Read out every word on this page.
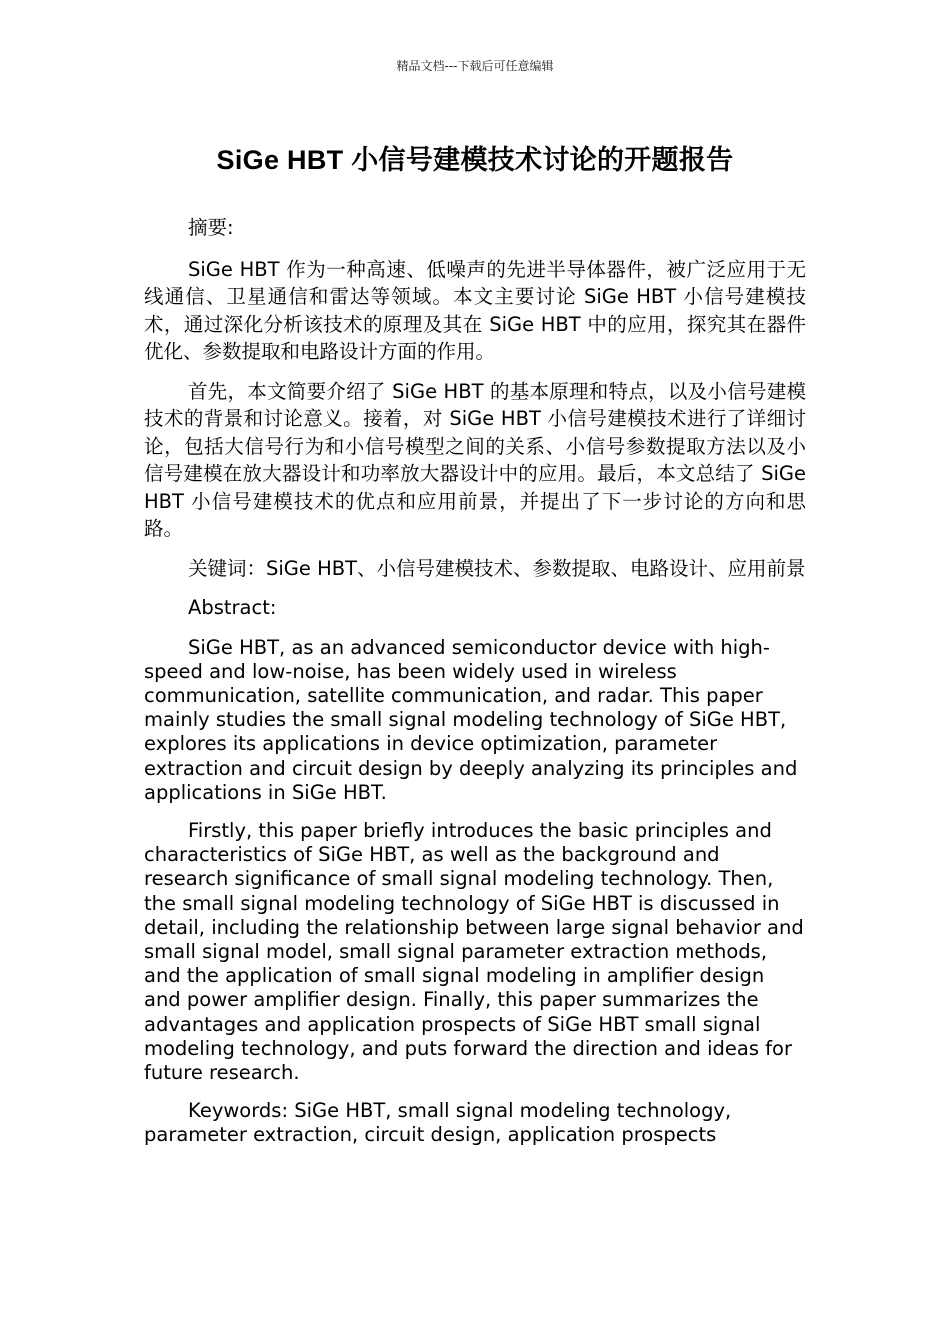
精品文档---下载后可任意编辑
SiGe HBT 小信号建模技术讨论的开题报告

摘要:

SiGe HBT 作为一种高速、低噪声的先进半导体器件，被广泛应用于无线通信、卫星通信和雷达等领域。本文主要讨论 SiGe HBT 小信号建模技术，通过深化分析该技术的原理及其在 SiGe HBT 中的应用，探究其在器件优化、参数提取和电路设计方面的作用。

首先，本文简要介绍了 SiGe HBT 的基本原理和特点，以及小信号建模技术的背景和讨论意义。接着，对 SiGe HBT 小信号建模技术进行了详细讨论，包括大信号行为和小信号模型之间的关系、小信号参数提取方法以及小信号建模在放大器设计和功率放大器设计中的应用。最后，本文总结了 SiGe HBT 小信号建模技术的优点和应用前景，并提出了下一步讨论的方向和思路。

关键词：SiGe HBT、小信号建模技术、参数提取、电路设计、应用前景

Abstract:

SiGe HBT, as an advanced semiconductor device with high-speed and low-noise, has been widely used in wireless communication, satellite communication, and radar. This paper mainly studies the small signal modeling technology of SiGe HBT, explores its applications in device optimization, parameter extraction and circuit design by deeply analyzing its principles and applications in SiGe HBT.

Firstly, this paper briefly introduces the basic principles and characteristics of SiGe HBT, as well as the background and research significance of small signal modeling technology. Then, the small signal modeling technology of SiGe HBT is discussed in detail, including the relationship between large signal behavior and small signal model, small signal parameter extraction methods, and the application of small signal modeling in amplifier design and power amplifier design. Finally, this paper summarizes the advantages and application prospects of SiGe HBT small signal modeling technology, and puts forward the direction and ideas for future research.

Keywords: SiGe HBT, small signal modeling technology, parameter extraction, circuit design, application prospects
